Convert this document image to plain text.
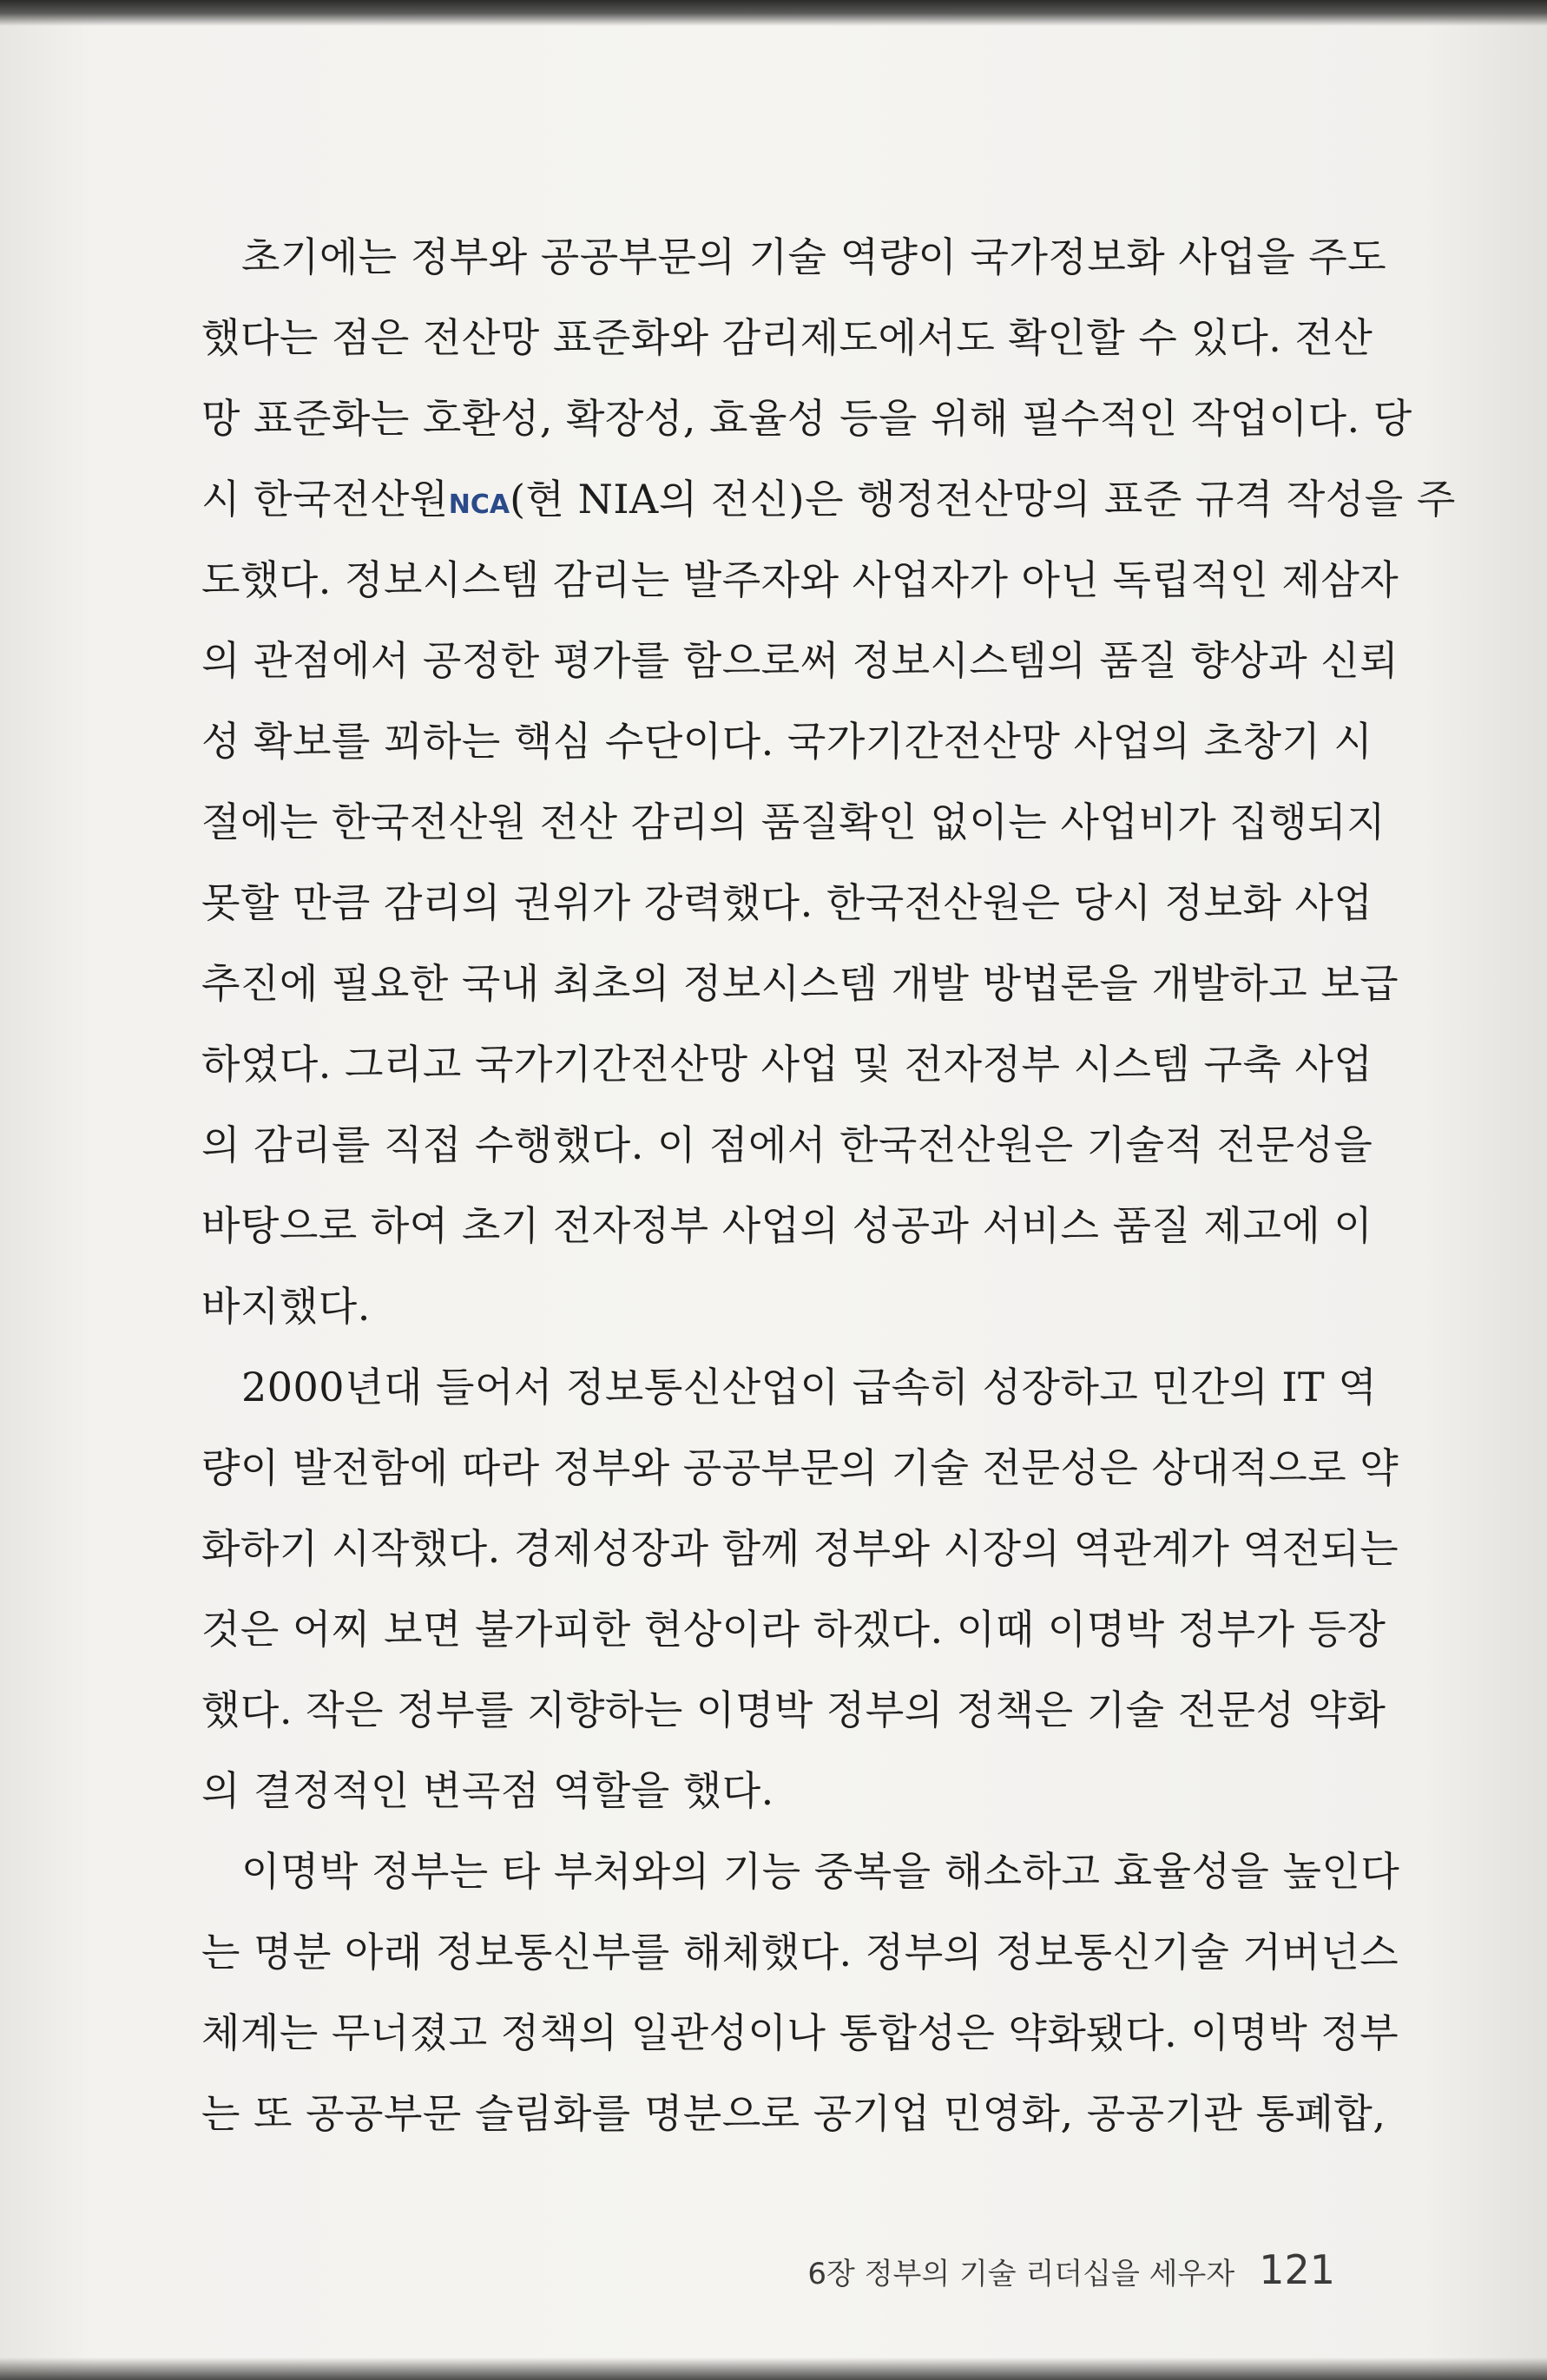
초기에는 정부와 공공부문의 기술 역량이 국가정보화 사업을 주도
했다는 점은 전산망 표준화와 감리제도에서도 확인할 수 있다. 전산
망 표준화는 호환성, 확장성, 효율성 등을 위해 필수적인 작업이다. 당
시 한국전산원NCA(현 NIA의 전신)은 행정전산망의 표준 규격 작성을 주
도했다. 정보시스템 감리는 발주자와 사업자가 아닌 독립적인 제삼자
의 관점에서 공정한 평가를 함으로써 정보시스템의 품질 향상과 신뢰
성 확보를 꾀하는 핵심 수단이다. 국가기간전산망 사업의 초창기 시
절에는 한국전산원 전산 감리의 품질확인 없이는 사업비가 집행되지
못할 만큼 감리의 권위가 강력했다. 한국전산원은 당시 정보화 사업
추진에 필요한 국내 최초의 정보시스템 개발 방법론을 개발하고 보급
하였다. 그리고 국가기간전산망 사업 및 전자정부 시스템 구축 사업
의 감리를 직접 수행했다. 이 점에서 한국전산원은 기술적 전문성을
바탕으로 하여 초기 전자정부 사업의 성공과 서비스 품질 제고에 이
바지했다.
2000년대 들어서 정보통신산업이 급속히 성장하고 민간의 IT 역
량이 발전함에 따라 정부와 공공부문의 기술 전문성은 상대적으로 약
화하기 시작했다. 경제성장과 함께 정부와 시장의 역관계가 역전되는
것은 어찌 보면 불가피한 현상이라 하겠다. 이때 이명박 정부가 등장
했다. 작은 정부를 지향하는 이명박 정부의 정책은 기술 전문성 약화
의 결정적인 변곡점 역할을 했다.
이명박 정부는 타 부처와의 기능 중복을 해소하고 효율성을 높인다
는 명분 아래 정보통신부를 해체했다. 정부의 정보통신기술 거버넌스
체계는 무너졌고 정책의 일관성이나 통합성은 약화됐다. 이명박 정부
는 또 공공부문 슬림화를 명분으로 공기업 민영화, 공공기관 통폐합,
6장 정부의 기술 리더십을 세우자 121
